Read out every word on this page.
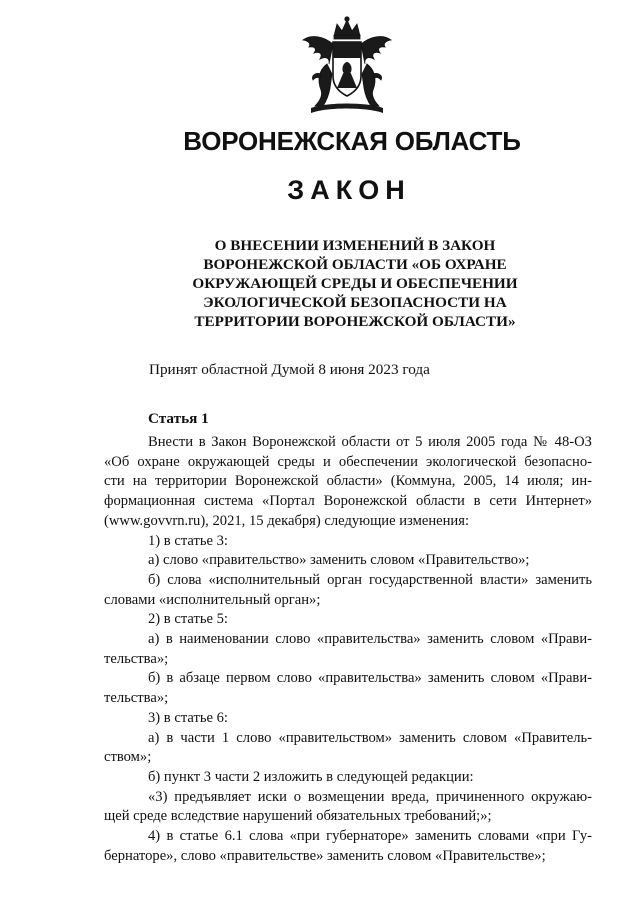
ВОРОНЕЖСКАЯ ОБЛАСТЬ
ЗАКОН
О ВНЕСЕНИИ ИЗМЕНЕНИЙ В ЗАКОН
ВОРОНЕЖСКОЙ ОБЛАСТИ «ОБ ОХРАНЕ
ОКРУЖАЮЩЕЙ СРЕДЫ И ОБЕСПЕЧЕНИИ
ЭКОЛОГИЧЕСКОЙ БЕЗОПАСНОСТИ НА
ТЕРРИТОРИИ ВОРОНЕЖСКОЙ ОБЛАСТИ»
Принят областной Думой 8 июня 2023 года
Статья 1

Внести в Закон Воронежской области от 5 июля 2005 года № 48-ОЗ

«Об охране окружающей среды и обеспечении экологической безопасно-

сти на территории Воронежской области» (Коммуна, 2005, 14 июля; ин-

формационная система «Портал Воронежской области в сети Интернет»

(www.govvrn.ru), 2021, 15 декабря) следующие изменения:

1) в статье 3:

а) слово «правительство» заменить словом «Правительство»;

б) слова «исполнительный орган государственной власти» заменить

словами «исполнительный орган»;

2) в статье 5:

а) в наименовании слово «правительства» заменить словом «Прави-

тельства»;

б) в абзаце первом слово «правительства» заменить словом «Прави-

тельства»;

3) в статье 6:

а) в части 1 слово «правительством» заменить словом «Правитель-

ством»;

б) пункт 3 части 2 изложить в следующей редакции:

«3) предъявляет иски о возмещении вреда, причиненного окружаю-

щей среде вследствие нарушений обязательных требований;»;

4) в статье 6.1 слова «при губернаторе» заменить словами «при Гу-

бернаторе», слово «правительстве» заменить словом «Правительстве»;
